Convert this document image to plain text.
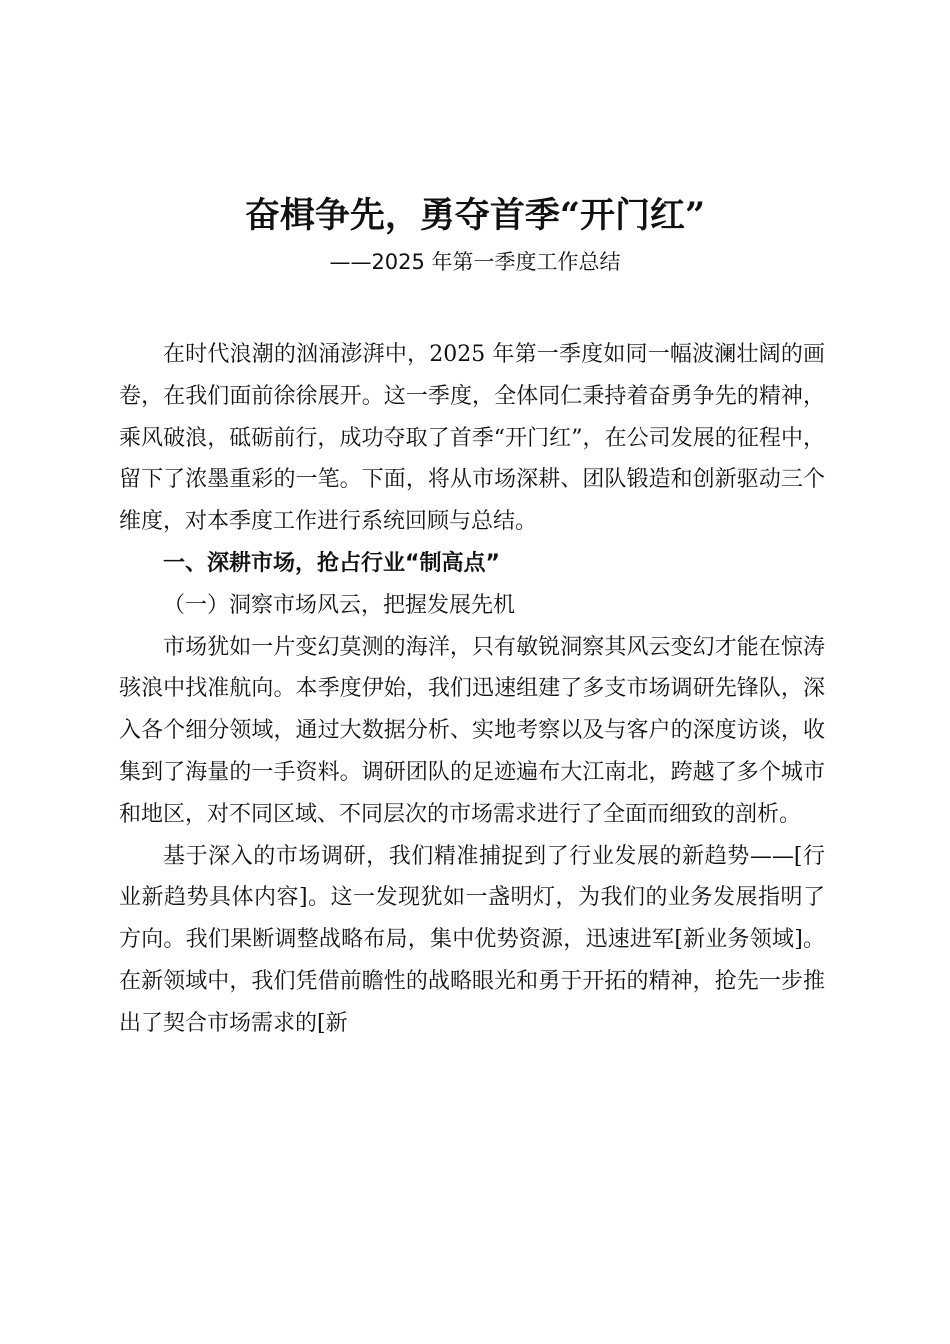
奋楫争先，勇夺首季“开门红”
——2025 年第一季度工作总结

在时代浪潮的汹涌澎湃中，2025 年第一季度如同一幅波澜壮阔的画卷，在我们面前徐徐展开。这一季度，全体同仁秉持着奋勇争先的精神，乘风破浪，砥砺前行，成功夺取了首季“开门红”，在公司发展的征程中，留下了浓墨重彩的一笔。下面，将从市场深耕、团队锻造和创新驱动三个维度，对本季度工作进行系统回顾与总结。

一、深耕市场，抢占行业“制高点”

（一）洞察市场风云，把握发展先机

市场犹如一片变幻莫测的海洋，只有敏锐洞察其风云变幻才能在惊涛骇浪中找准航向。本季度伊始，我们迅速组建了多支市场调研先锋队，深入各个细分领域，通过大数据分析、实地考察以及与客户的深度访谈，收集到了海量的一手资料。调研团队的足迹遍布大江南北，跨越了多个城市和地区，对不同区域、不同层次的市场需求进行了全面而细致的剖析。

基于深入的市场调研，我们精准捕捉到了行业发展的新趋势——[行业新趋势具体内容]。这一发现犹如一盏明灯，为我们的业务发展指明了方向。我们果断调整战略布局，集中优势资源，迅速进军[新业务领域]。在新领域中，我们凭借前瞻性的战略眼光和勇于开拓的精神，抢先一步推出了契合市场需求的[新
